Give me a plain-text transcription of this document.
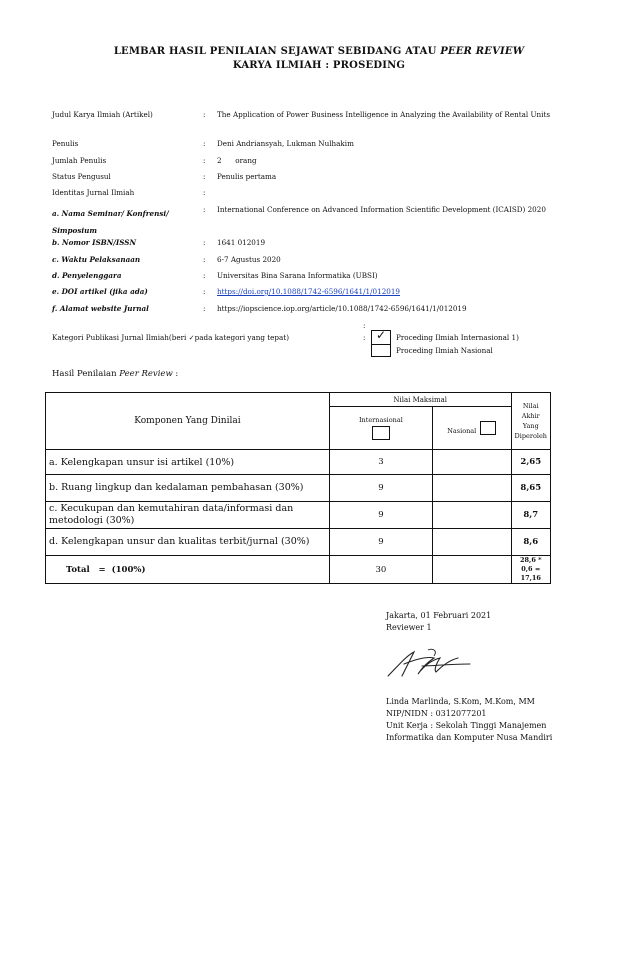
LEMBAR HASIL PENILAIAN SEJAWAT SEBIDANG ATAU PEER REVIEW
KARYA ILMIAH : PROSEDING
Judul Karya Ilmiah (Artikel)	: The Application of Power Business Intelligence in Analyzing the Availability of Rental Units
Penulis	: Deni Andriansyah, Lukman Nulhakim
Jumlah Penulis	: 2      orang
Status Pengusul	: Penulis pertama
Identitas Jurnal Ilmiah	:
a. Nama Seminar/ Konfrensi/ Simposium
: International Conference on Advanced Information Scientific Development (ICAISD) 2020
b. Nomor ISBN/ISSN	: 1641 012019
c. Waktu Pelaksanaan	: 6-7 Agustus 2020
d. Penyelenggara	: Universitas Bina Sarana Informatika (UBSI)
e. DOI artikel (jika ada)	: https://doi.org/10.1088/1742-6596/1641/1/012019
f. Alamat website Jurnal	: https://iopscience.iop.org/article/10.1088/1742-6596/1641/1/012019
:
Kategori Publikasi Jurnal Ilmiah(beri ✓pada kategori yang tepat)	: ✓ Proceding Ilmiah Internasional 1)
Proceding Ilmiah Nasional
Hasil Penilaian Peer Review :
Komponen Yang Dinilai	Nilai Maksimal		Nilai Akhir Yang Diperoleh

	Internasional	Nasional	

a. Kelengkapan unsur isi artikel (10%)	3		2,65
b. Ruang lingkup dan kedalaman pembahasan (30%)	9		8,65
c. Kecukupan dan kemutahiran data/informasi dan metodologi (30%)	9		8,7
d. Kelengkapan unsur dan kualitas terbit/jurnal (30%)	9		8,6
Total   =  (100%)	30		28,6 * 0,6 = 17,16
Jakarta, 01 Februari 2021
Reviewer 1
Linda Marlinda, S.Kom, M.Kom, MM
NIP/NIDN : 0312077201
Unit Kerja : Sekolah Tinggi Manajemen Informatika dan Komputer Nusa Mandiri
